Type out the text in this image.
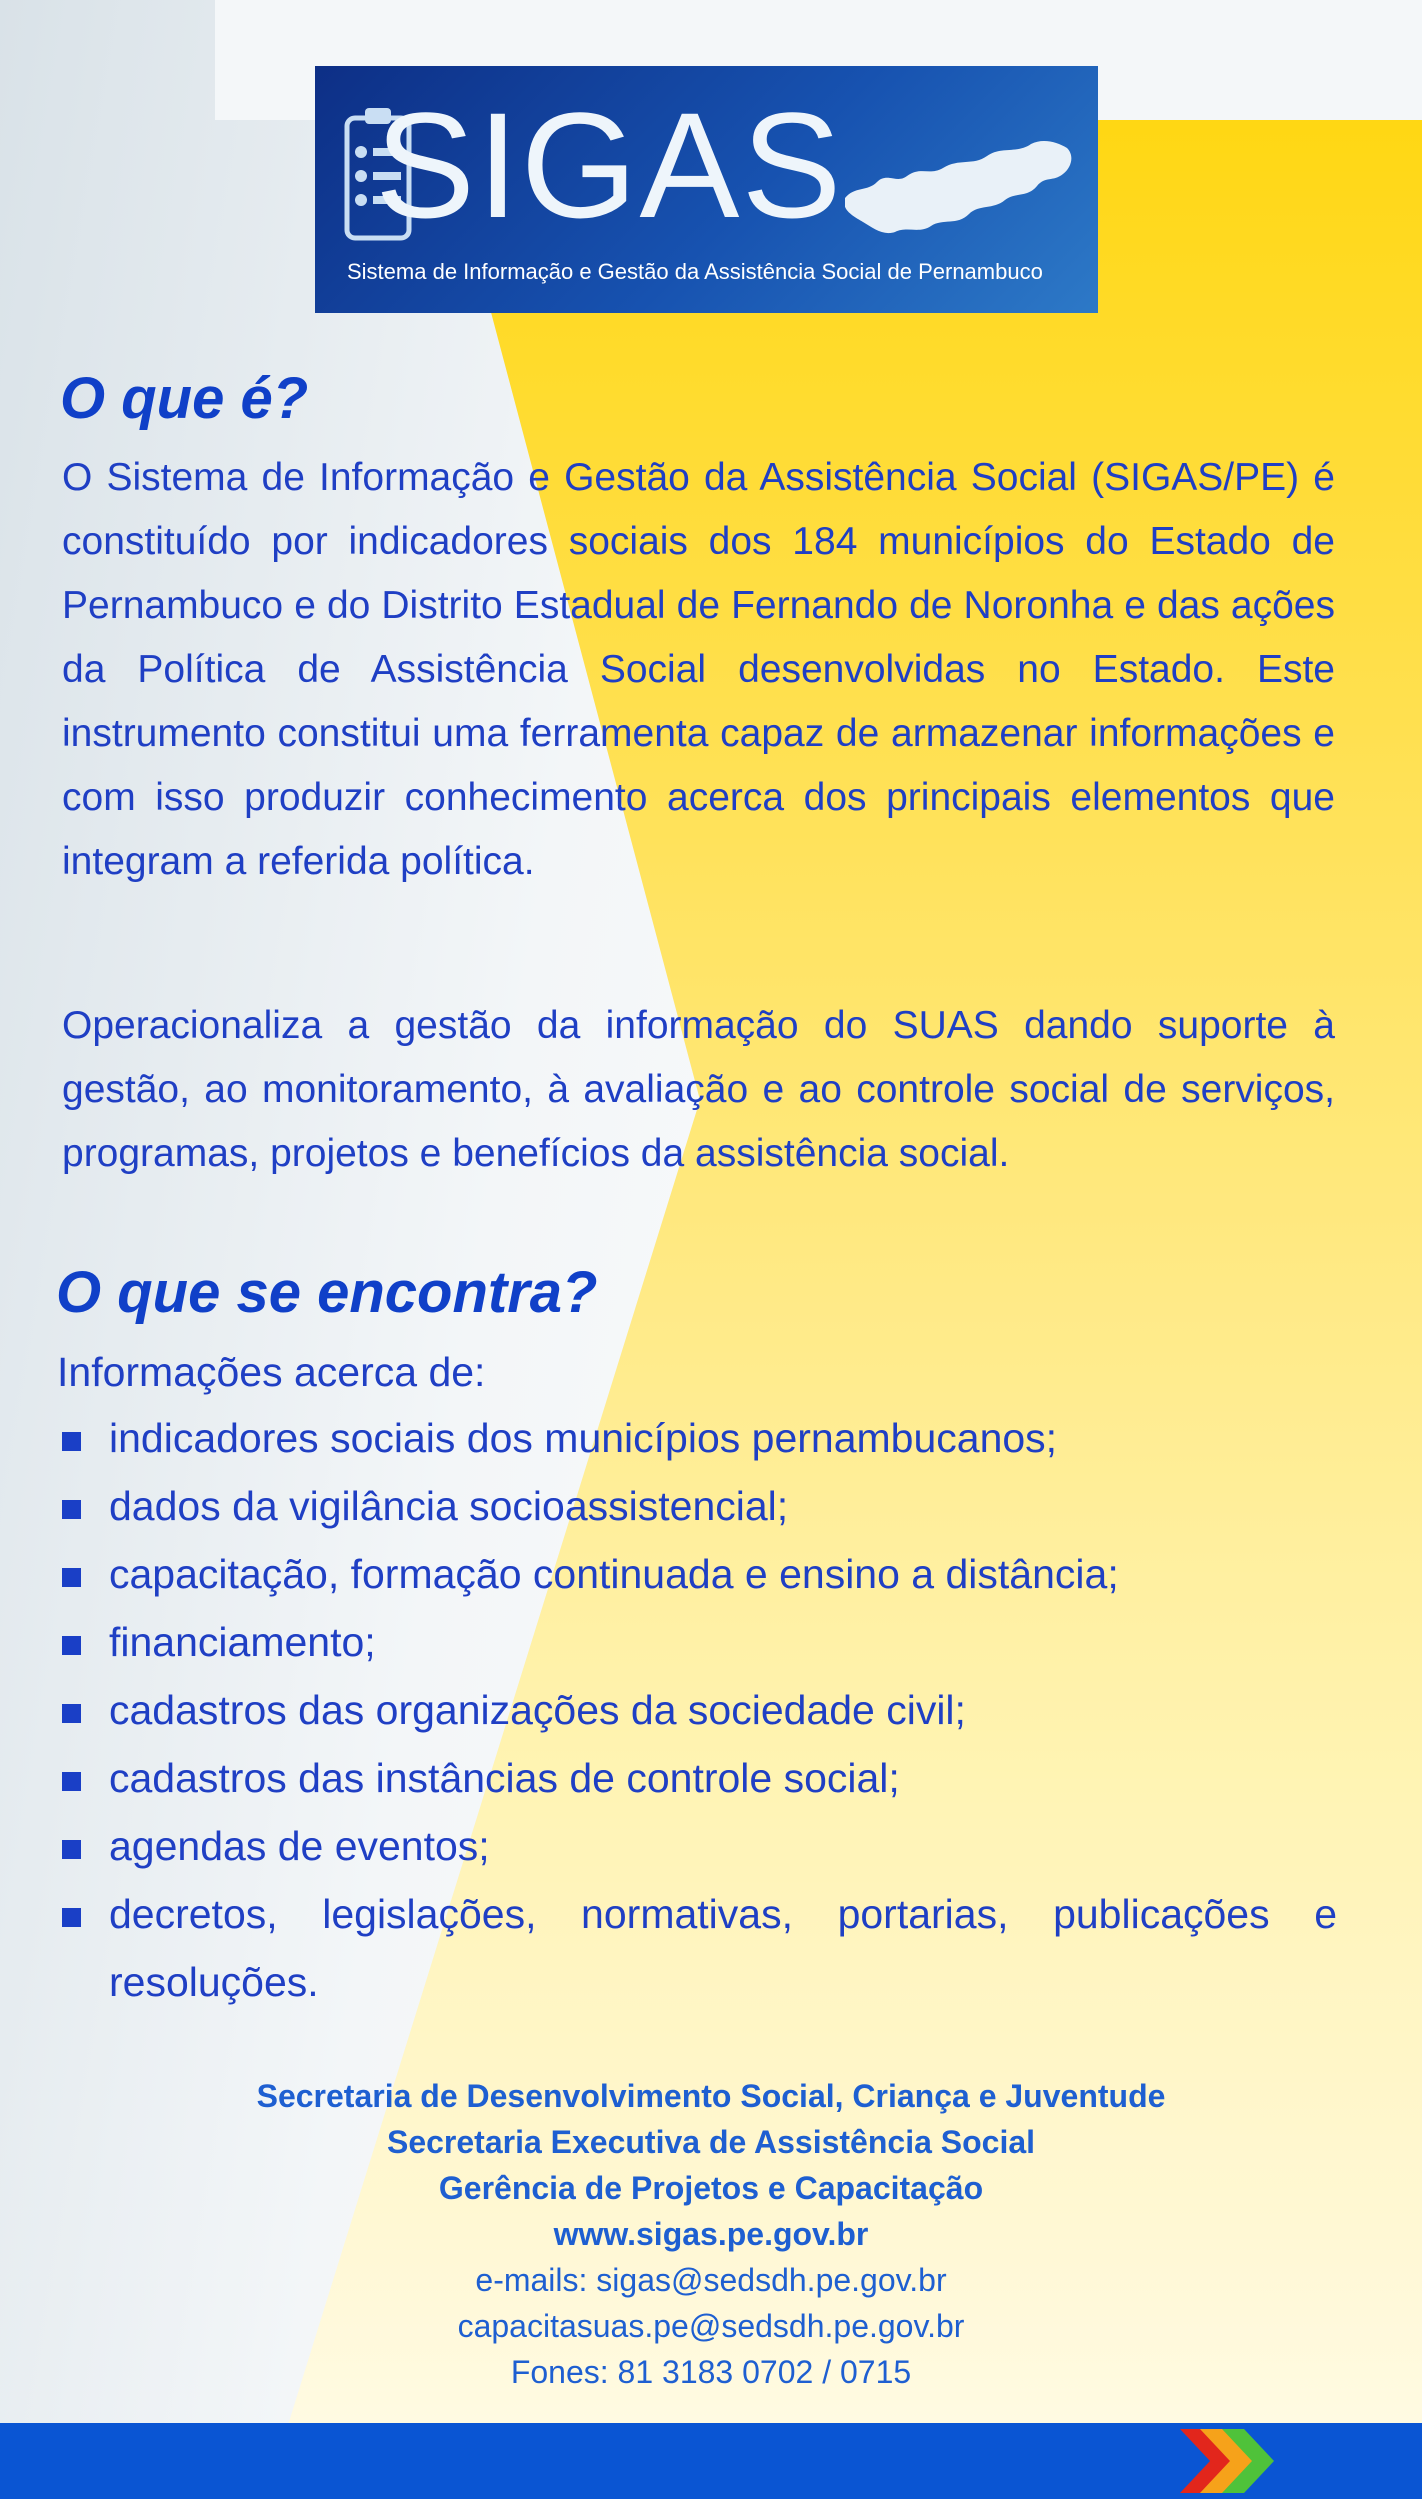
SIGAS
Sistema de Informação e Gestão da Assistência Social de Pernambuco
O que é?

O Sistema de Informação e Gestão da Assistência Social (SIGAS/PE) é constituído por indicadores sociais dos 184 municípios do Estado de Pernambuco e do Distrito Estadual de Fernando de Noronha e das ações da Política de Assistência Social desenvolvidas no Estado. Este instrumento constitui uma ferramenta capaz de armazenar informações e com isso produzir conhecimento acerca dos principais elementos que integram a referida política.

Operacionaliza a gestão da informação do SUAS dando suporte à gestão, ao monitoramento, à avaliação e ao controle social de serviços, programas, projetos e benefícios da assistência social.

O que se encontra?
Informações acerca de:
indicadores sociais dos municípios pernambucanos;
dados da vigilância socioassistencial;
capacitação, formação continuada e ensino a distância;
financiamento;
cadastros das organizações da sociedade civil;
cadastros das instâncias de controle social;
agendas de eventos;
decretos, legislações, normativas, portarias, publicações e resoluções.
Secretaria de Desenvolvimento Social, Criança e Juventude
Secretaria Executiva de Assistência Social
Gerência de Projetos e Capacitação
www.sigas.pe.gov.br
e-mails: sigas@sedsdh.pe.gov.br
capacitasuas.pe@sedsdh.pe.gov.br
Fones: 81 3183 0702 / 0715
